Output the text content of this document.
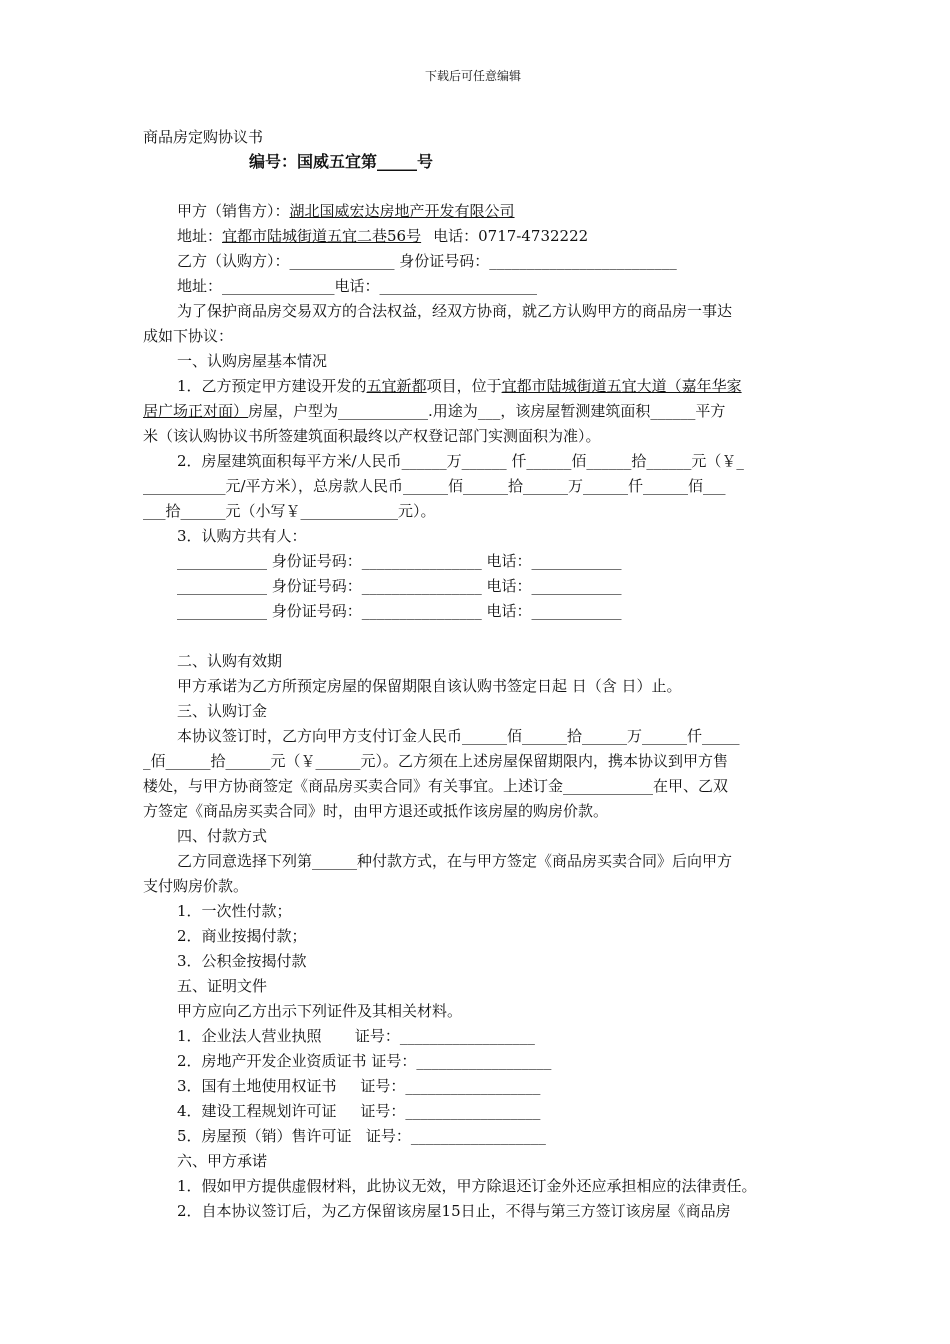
下载后可任意编辑
商品房定购协议书
编号：国威五宜第_____号
甲方（销售方）：湖北国威宏达房地产开发有限公司
地址：宜都市陆城街道五宜二巷56号 电话：0717-4732222
乙方（认购方）：______________ 身份证号码：_________________________
地址：_______________电话：_____________________
为了保护商品房交易双方的合法权益，经双方协商，就乙方认购甲方的商品房一事达
成如下协议：
一、认购房屋基本情况
1．乙方预定甲方建设开发的五宜新都项目，位于宜都市陆城街道五宜大道（嘉年华家
居广场正对面）房屋，户型为____________.用途为___，该房屋暂测建筑面积______平方
米（该认购协议书所签建筑面积最终以产权登记部门实测面积为准）。
2．房屋建筑面积每平方米/人民币______万______ 仟______佰______拾______元（￥_
___________元/平方米），总房款人民币______佰______拾______万______仟______佰___
___拾______元（小写￥_____________元）。
3．认购方共有人：
____________ 身份证号码：________________ 电话：____________
____________ 身份证号码：________________ 电话：____________
____________ 身份证号码：________________ 电话：____________
二、认购有效期
甲方承诺为乙方所预定房屋的保留期限自该认购书签定日起 日（含 日）止。
三、认购订金
本协议签订时，乙方向甲方支付订金人民币______佰______拾______万______仟_____
_佰______拾______元（￥______元）。乙方须在上述房屋保留期限内，携本协议到甲方售
楼处，与甲方协商签定《商品房买卖合同》有关事宜。上述订金____________在甲、乙双
方签定《商品房买卖合同》时，由甲方退还或抵作该房屋的购房价款。
四、付款方式
乙方同意选择下列第______种付款方式，在与甲方签定《商品房买卖合同》后向甲方
支付购房价款。
1．一次性付款；
2．商业按揭付款；
3．公积金按揭付款
五、证明文件
甲方应向乙方出示下列证件及其相关材料。
1．企业法人营业执照       证号：__________________
2．房地产开发企业资质证书 证号：__________________
3．国有土地使用权证书     证号：__________________
4．建设工程规划许可证     证号：__________________
5．房屋预（销）售许可证   证号：__________________
六、甲方承诺
1．假如甲方提供虚假材料，此协议无效，甲方除退还订金外还应承担相应的法律责任。
2．自本协议签订后，为乙方保留该房屋15日止，不得与第三方签订该房屋《商品房
